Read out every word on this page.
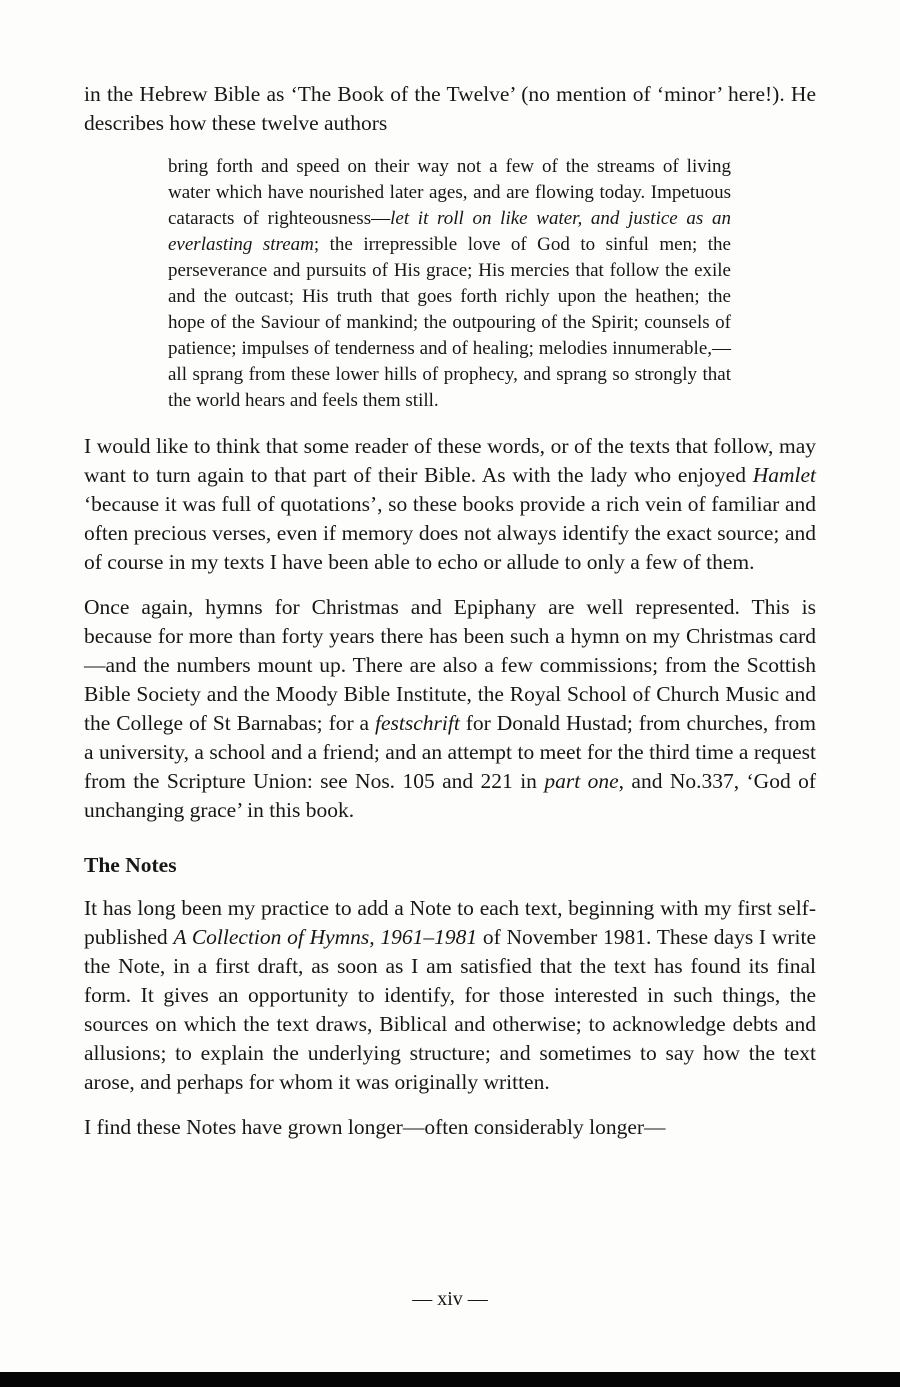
in the Hebrew Bible as ‘The Book of the Twelve’ (no mention of ‘minor’ here!). He describes how these twelve authors

bring forth and speed on their way not a few of the streams of living water which have nourished later ages, and are flowing today. Impetuous cataracts of righteousness—let it roll on like water, and justice as an everlasting stream; the irrepressible love of God to sinful men; the perseverance and pursuits of His grace; His mercies that follow the exile and the outcast; His truth that goes forth richly upon the heathen; the hope of the Saviour of mankind; the outpouring of the Spirit; counsels of patience; impulses of tenderness and of healing; melodies innumerable,—all sprang from these lower hills of prophecy, and sprang so strongly that the world hears and feels them still.

I would like to think that some reader of these words, or of the texts that follow, may want to turn again to that part of their Bible. As with the lady who enjoyed Hamlet ‘because it was full of quotations’, so these books provide a rich vein of familiar and often precious verses, even if memory does not always identify the exact source; and of course in my texts I have been able to echo or allude to only a few of them.

Once again, hymns for Christmas and Epiphany are well represented. This is because for more than forty years there has been such a hymn on my Christmas card—and the numbers mount up. There are also a few commissions; from the Scottish Bible Society and the Moody Bible Institute, the Royal School of Church Music and the College of St Barnabas; for a festschrift for Donald Hustad; from churches, from a university, a school and a friend; and an attempt to meet for the third time a request from the Scripture Union: see Nos. 105 and 221 in part one, and No.337, ‘God of unchanging grace’ in this book.

The Notes

It has long been my practice to add a Note to each text, beginning with my first self-published A Collection of Hymns, 1961–1981 of November 1981. These days I write the Note, in a first draft, as soon as I am satisfied that the text has found its final form. It gives an opportunity to identify, for those interested in such things, the sources on which the text draws, Biblical and otherwise; to acknowledge debts and allusions; to explain the underlying structure; and sometimes to say how the text arose, and perhaps for whom it was originally written.

I find these Notes have grown longer—often considerably longer—

— xiv —
